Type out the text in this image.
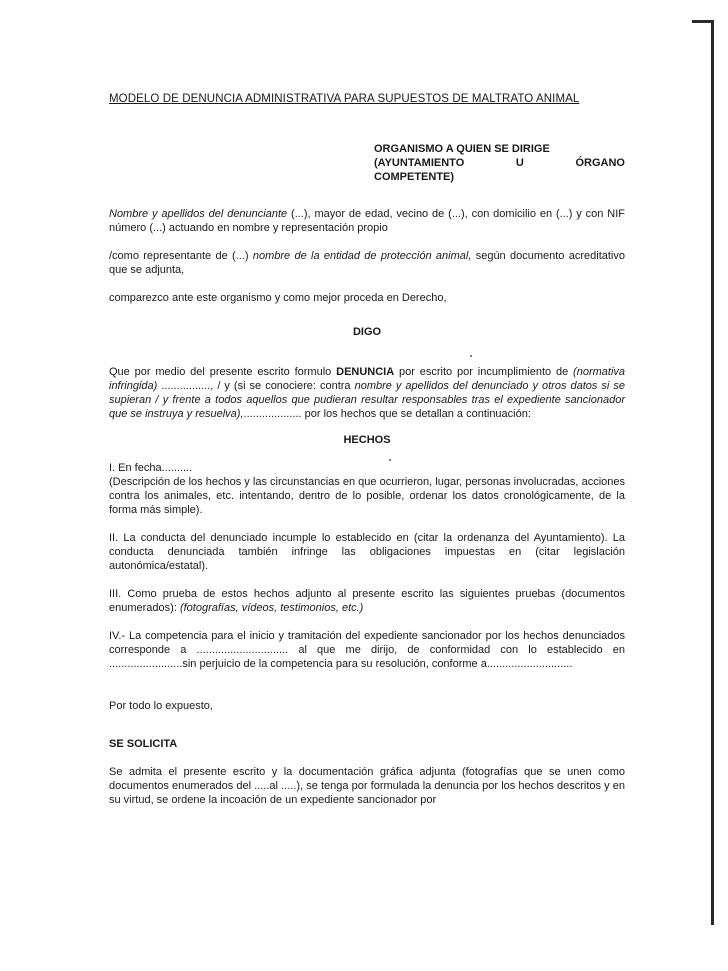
MODELO DE DENUNCIA ADMINISTRATIVA PARA SUPUESTOS DE MALTRATO ANIMAL

ORGANISMO A QUIEN SE DIRIGE
(AYUNTAMIENTO U ÓRGANO
COMPETENTE)

Nombre y apellidos del denunciante (...), mayor de edad, vecino de (...), con domicilio en (...) y con NIF número (...) actuando en nombre y representación propio

/como representante de (...) nombre de la entidad de protección animal, según documento acreditativo que se adjunta,

comparezco ante este organismo y como mejor proceda en Derecho,

DIGO

Que por medio del presente escrito formulo DENUNCIA por escrito por incumplimiento de (normativa infringida) ................, / y (si se conociere: contra nombre y apellidos del denunciado y otros datos si se supieran / y frente a todos aquellos que pudieran resultar responsables tras el expediente sancionador que se instruya y resuelva),................... por los hechos que se detallan a continuación:

HECHOS

I. En fecha..........

(Descripción de los hechos y las circunstancias en que ocurrieron, lugar, personas involucradas, acciones contra los animales, etc. intentando, dentro de lo posible, ordenar los datos cronológicamente, de la forma más simple).

II. La conducta del denunciado incumple lo establecido en (citar la ordenanza del Ayuntamiento). La conducta denunciada también infringe las obligaciones impuestas en (citar legislación autonómica/estatal).

III. Como prueba de estos hechos adjunto al presente escrito las siguientes pruebas (documentos enumerados): (fotografías, vídeos, testimonios, etc.)

IV.- La competencia para el inicio y tramitación del expediente sancionador por los hechos denunciados corresponde a .............................. al que me dirijo, de conformidad con lo establecido en ........................sin perjuicio de la competencia para su resolución, conforme a............................

Por todo lo expuesto,

SE SOLICITA

Se admita el presente escrito y la documentación gráfica adjunta (fotografías que se unen como documentos enumerados del .....al .....), se tenga por formulada la denuncia por los hechos descritos y en su virtud, se ordene la incoación de un expediente sancionador por
